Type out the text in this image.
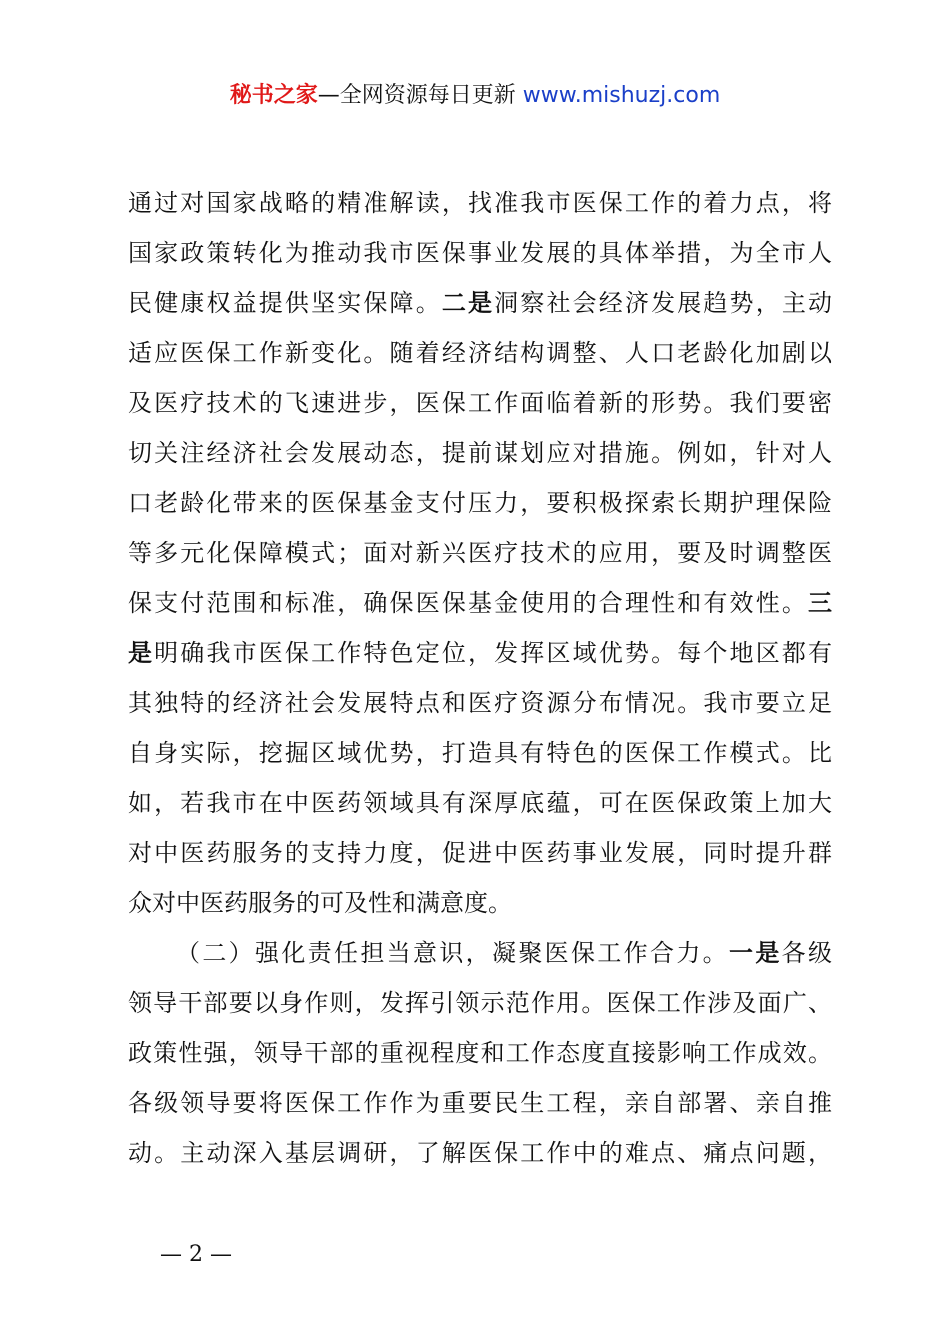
秘书之家—全网资源每日更新 www.mishuzj.com
通过对国家战略的精准解读，找准我市医保工作的着力点，将
国家政策转化为推动我市医保事业发展的具体举措，为全市人
民健康权益提供坚实保障。二是洞察社会经济发展趋势，主动
适应医保工作新变化。随着经济结构调整、人口老龄化加剧以
及医疗技术的飞速进步，医保工作面临着新的形势。我们要密
切关注经济社会发展动态，提前谋划应对措施。例如，针对人
口老龄化带来的医保基金支付压力，要积极探索长期护理保险
等多元化保障模式；面对新兴医疗技术的应用，要及时调整医
保支付范围和标准，确保医保基金使用的合理性和有效性。三
是明确我市医保工作特色定位，发挥区域优势。每个地区都有
其独特的经济社会发展特点和医疗资源分布情况。我市要立足
自身实际，挖掘区域优势，打造具有特色的医保工作模式。比
如，若我市在中医药领域具有深厚底蕴，可在医保政策上加大
对中医药服务的支持力度，促进中医药事业发展，同时提升群
众对中医药服务的可及性和满意度。
（二）强化责任担当意识，凝聚医保工作合力。一是各级
领导干部要以身作则，发挥引领示范作用。医保工作涉及面广、
政策性强，领导干部的重视程度和工作态度直接影响工作成效。
各级领导要将医保工作作为重要民生工程，亲自部署、亲自推
动。主动深入基层调研，了解医保工作中的难点、痛点问题，
— 2 —
